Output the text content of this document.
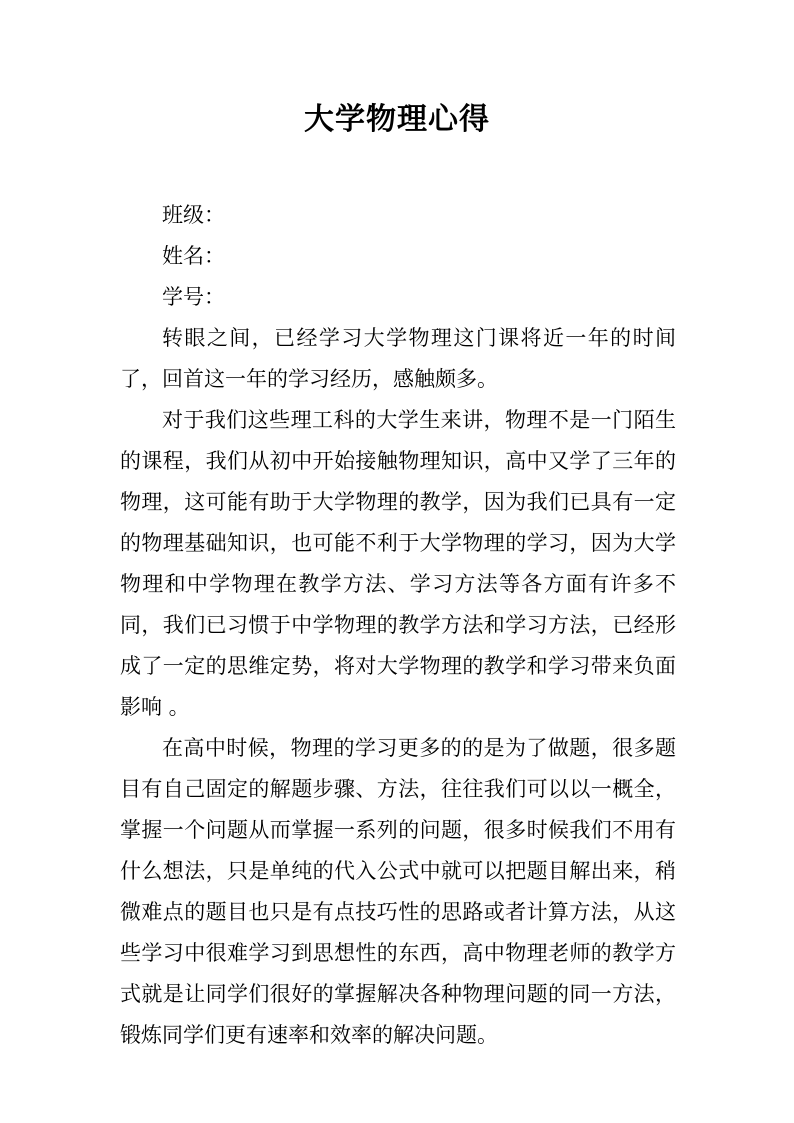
大学物理心得

班级：

姓名：

学号：

转眼之间，已经学习大学物理这门课将近一年的时间了，回首这一年的学习经历，感触颇多。

对于我们这些理工科的大学生来讲，物理不是一门陌生的课程，我们从初中开始接触物理知识，高中又学了三年的物理，这可能有助于大学物理的教学，因为我们已具有一定的物理基础知识，也可能不利于大学物理的学习，因为大学物理和中学物理在教学方法、学习方法等各方面有许多不同，我们已习惯于中学物理的教学方法和学习方法，已经形成了一定的思维定势，将对大学物理的教学和学习带来负面影响 。

在高中时候，物理的学习更多的的是为了做题，很多题目有自己固定的解题步骤、方法，往往我们可以以一概全，掌握一个问题从而掌握一系列的问题，很多时候我们不用有什么想法，只是单纯的代入公式中就可以把题目解出来，稍微难点的题目也只是有点技巧性的思路或者计算方法，从这些学习中很难学习到思想性的东西，高中物理老师的教学方式就是让同学们很好的掌握解决各种物理问题的同一方法，锻炼同学们更有速率和效率的解决问题。
